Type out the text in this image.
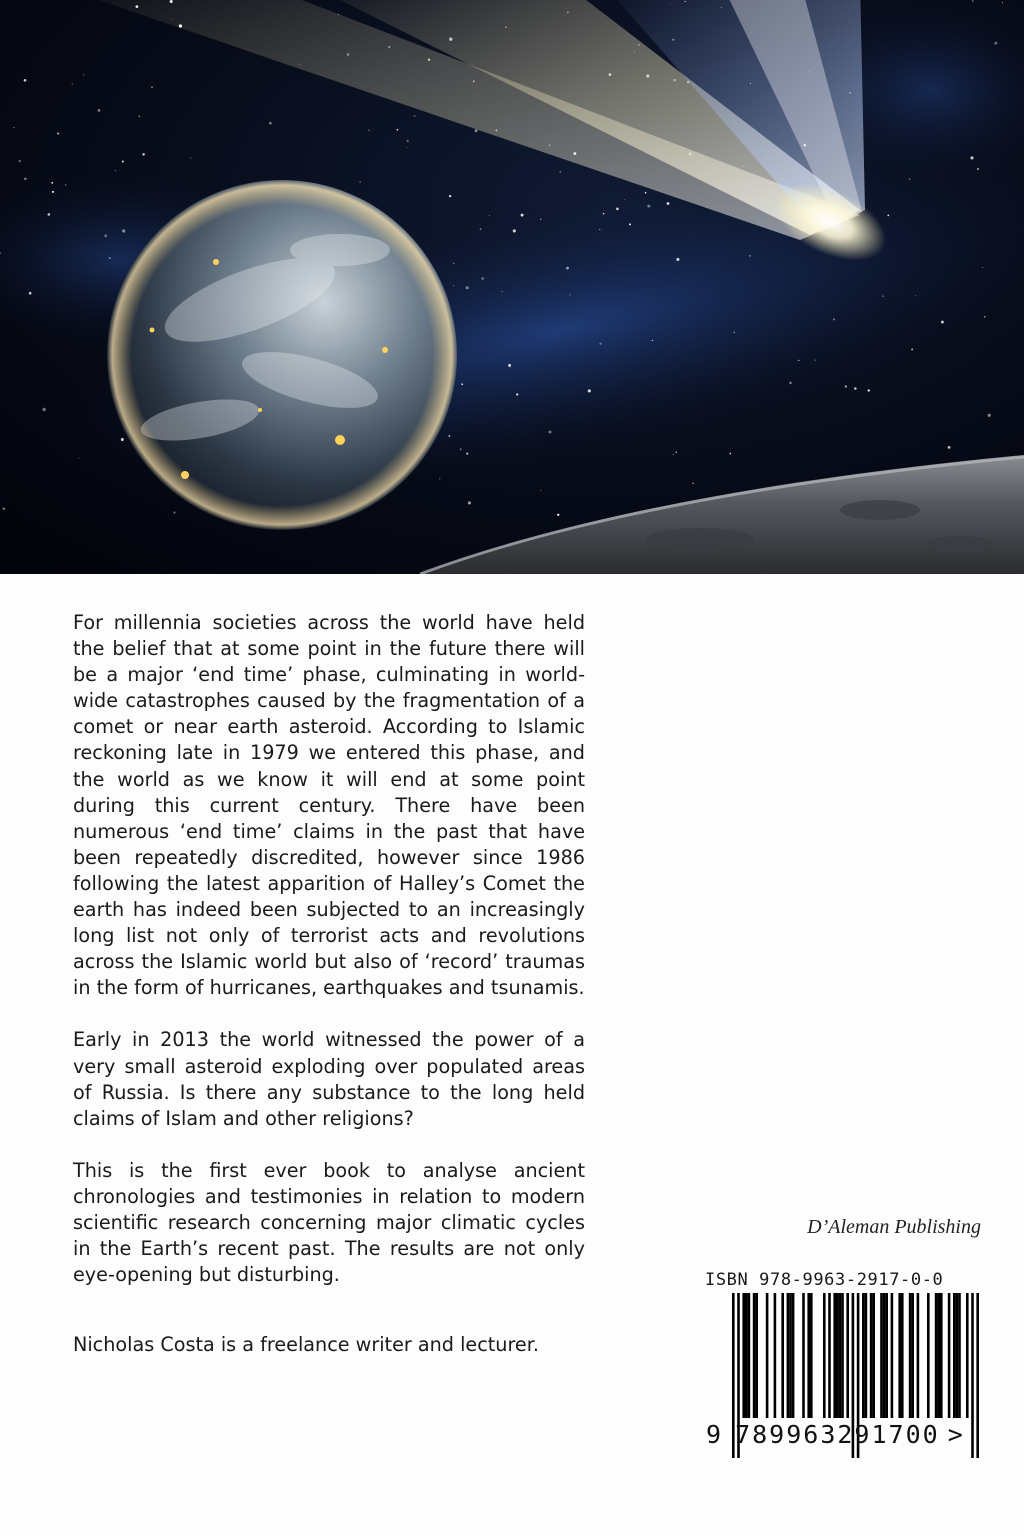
For millennia societies across the world have held the belief that at some point in the future there will be a major ‘end time’ phase, culminating in world-wide catastrophes caused by the fragmentation of a comet or near earth asteroid. According to Islamic reckoning late in 1979 we entered this phase, and the world as we know it will end at some point during this current century. There have been numerous ‘end time’ claims in the past that have been repeatedly discredited, however since 1986 following the latest apparition of Halley’s Comet the earth has indeed been subjected to an increasingly long list not only of terrorist acts and revolutions across the Islamic world but also of ‘record’ traumas in the form of hurricanes, earthquakes and tsunamis.

Early in 2013 the world witnessed the power of a very small asteroid exploding over populated areas of Russia. Is there any substance to the long held claims of Islam and other religions?

This is the first ever book to analyse ancient chronologies and testimonies in relation to modern scientific research concerning major climatic cycles in the Earth’s recent past. The results are not only eye-opening but disturbing.

Nicholas Costa is a freelance writer and lecturer.

D’Aleman Publishing
ISBN 978-9963-2917-0-0
9 789963291700 >
